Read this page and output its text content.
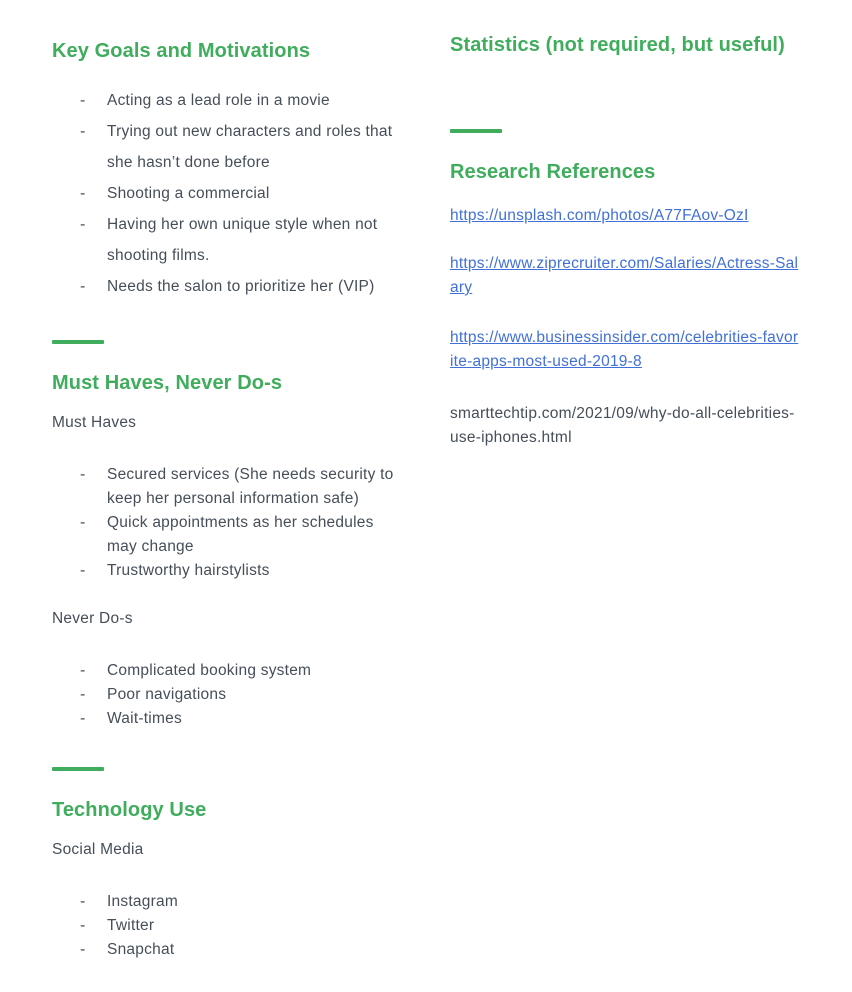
Key Goals and Motivations
-	Acting as a lead role in a movie
-	Trying out new characters and roles that she hasn’t done before
-	Shooting a commercial
-	Having her own unique style when not shooting films.
-	Needs the salon to prioritize her (VIP)
Must Haves, Never Do-s

Must Haves

-	Secured services (She needs security to keep her personal information safe)
-	Quick appointments as her schedules may change
-	Trustworthy hairstylists

Never Do-s

-	Complicated booking system
-	Poor navigations
-	Wait-times
Technology Use

Social Media

-	Instagram
-	Twitter
-	Snapchat
Statistics (not required, but useful)
Research References
https://unsplash.com/photos/A77FAov-OzI
https://www.ziprecruiter.com/Salaries/Actress-Salary
https://www.businessinsider.com/celebrities-favorite-apps-most-used-2019-8

smarttechtip.com/2021/09/why-do-all-celebrities-use-iphones.html
